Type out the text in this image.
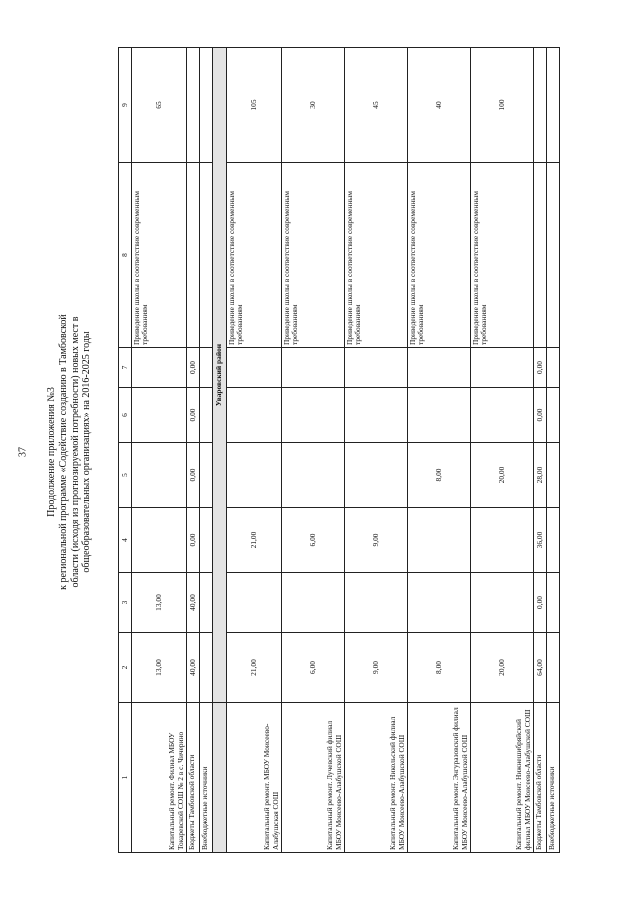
37 Продолжение приложения №3 к региональной программе «Содействие созданию в Тамбовской области (исходя из прогнозируемой потребности) новых мест в общеобразовательных организациях» на 2016-2025 годы
1	2	3	4	5	6	7	8	9
Капитальный ремонт. Филиал МБОУ Токаревской СОШ № 2 в с. Чичерино	13,00	13,00					Приведение школы в соответствие современным требованиям	65
Бюджеты Тамбовской области	40,00	40,00	0,00	0,00	0,00	0,00		
Внебюджетные источники								
	Уваровский район							
Капитальный ремонт. МБОУ Моисеево-Алабушская СОШ	21,00		21,00				Приведение школы в соответствие современным требованиям	105
Капитальный ремонт. Лучевский филиал МБОУ Моисеево-Алабушской СОШ	6,00		6,00				Приведение школы в соответствие современным требованиям	30
Капитальный ремонт. Никольский филиал МБОУ Моисеево-Алабушской СОШ	9,00		9,00				Приведение школы в соответствие современным требованиям	45
Капитальный ремонт. Энгуразовский филиал МБОУ Моисеево-Алабушской СОШ	8,00			8,00			Приведение школы в соответствие современным требованиям	40
Капитальный ремонт. Нижнешибряйский филиал МБОУ Моисеево-Алабушской СОШ	20,00			20,00			Приведение школы в соответствие современным требованиям	100
Бюджеты Тамбовской области	64,00	0,00	36,00	28,00	0,00	0,00		
Внебюджетные источники								
